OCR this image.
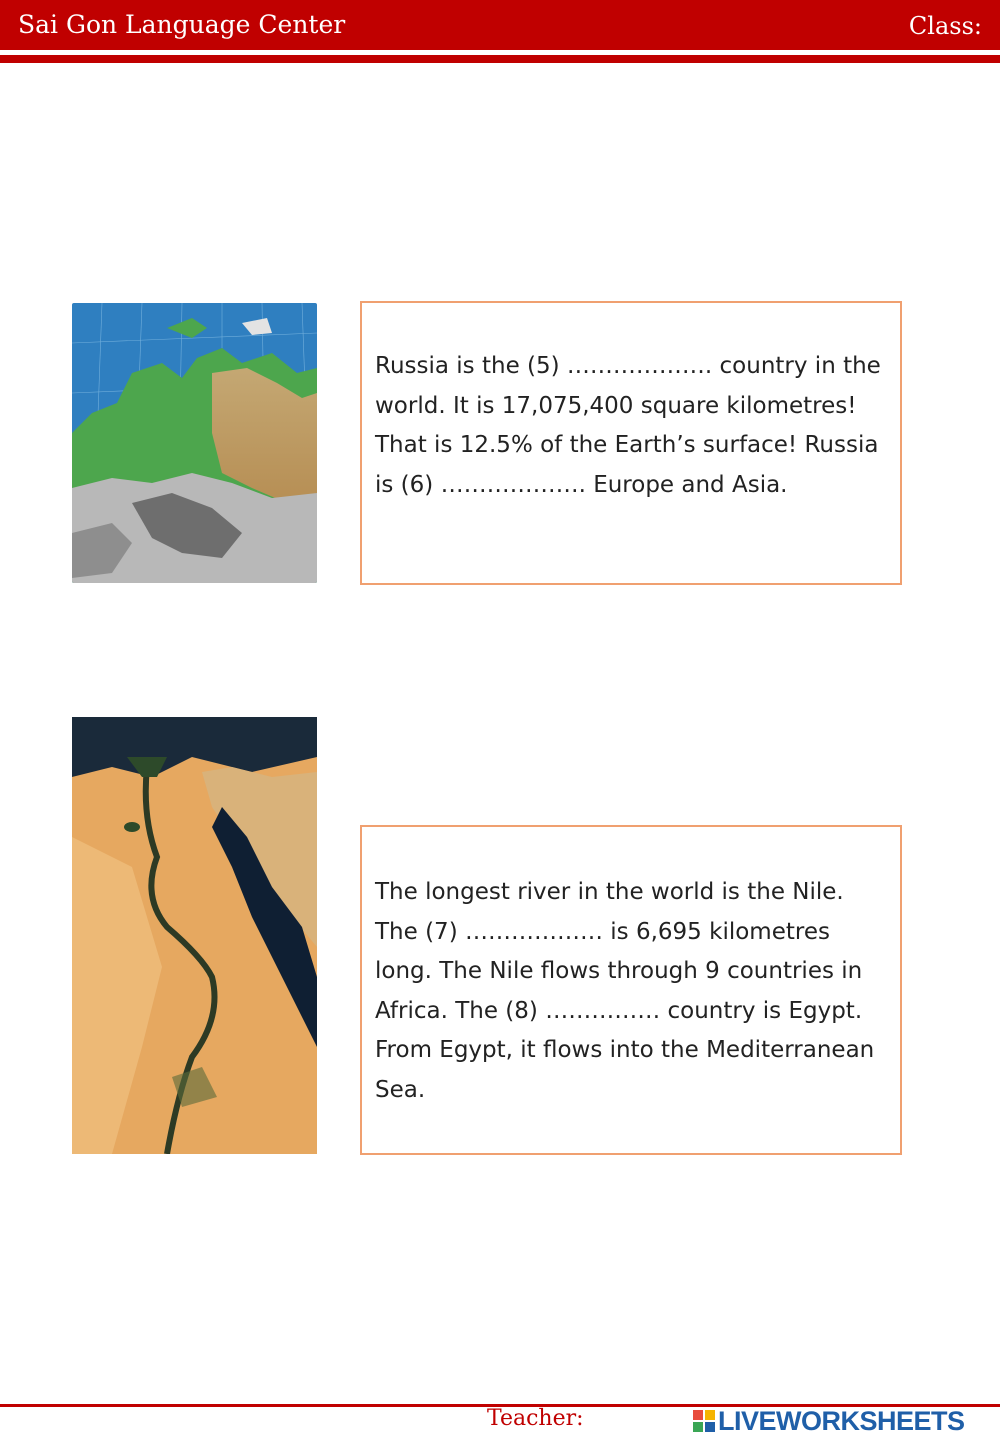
Sai Gon Language Center	Class:

Russia is the (5) ………………. country in the world. It is 17,075,400 square kilometres! That is 12.5% of the Earth’s surface! Russia is (6) ………………. Europe and Asia.

The longest river in the world is the Nile. The (7) ……………… is 6,695 kilometres long. The Nile flows through 9 countries in Africa. The (8) …………… country is Egypt. From Egypt, it flows into the Mediterranean Sea.

Teacher:	LIVEWORKSHEETS
